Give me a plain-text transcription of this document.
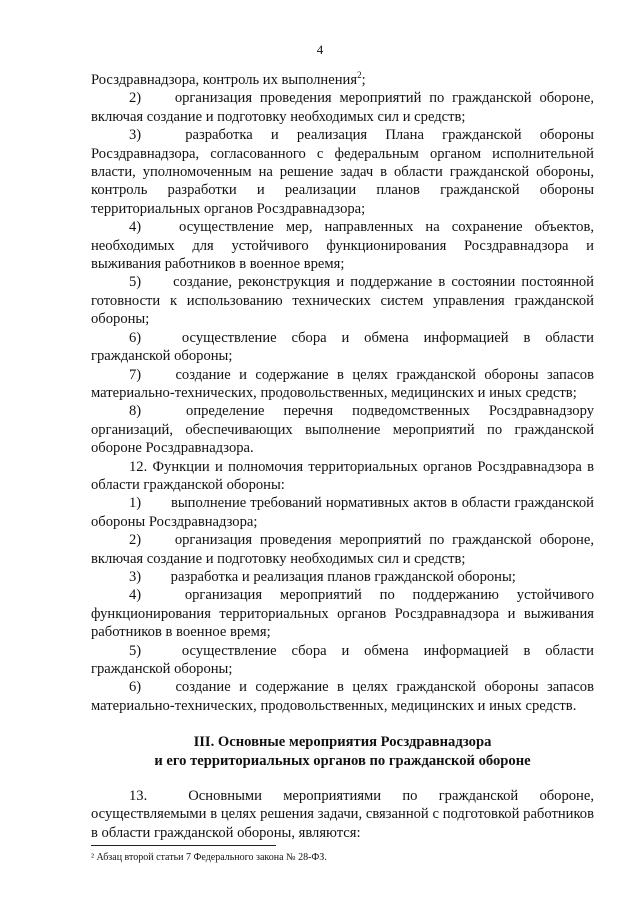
4

Росздравнадзора, контроль их выполнения$^2$;

2) организация проведения мероприятий по гражданской обороне, включая создание и подготовку необходимых сил и средств;

3)	разработка и реализация Плана гражданской обороны Росздравнадзора, согласованного с федеральным органом исполнительной власти, уполномоченным на решение задач в области гражданской обороны, контроль разработки и реализации планов гражданской обороны территориальных органов Росздравнадзора;

4)	осуществление мер, направленных на сохранение объектов, необходимых для устойчивого функционирования Росздравнадзора и выживания работников в военное время;

5) создание, реконструкция и поддержание в состоянии постоянной готовности к использованию технических систем управления гражданской обороны;

6)	осуществление сбора и обмена информацией в области гражданской обороны;

7) создание и содержание в целях гражданской обороны запасов материально-технических, продовольственных, медицинских и иных средств;

8)	определение перечня подведомственных Росздравнадзору организаций, обеспечивающих выполнение мероприятий по гражданской обороне Росздравнадзора.

12. Функции и полномочия территориальных органов Росздравнадзора в области гражданской обороны:

1) выполнение требований нормативных актов в области гражданской обороны Росздравнадзора;

2) организация проведения мероприятий по гражданской обороне, включая создание и подготовку необходимых сил и средств;

3) разработка и реализация планов гражданской обороны;

4)	организация мероприятий по поддержанию устойчивого функционирования территориальных органов Росздравнадзора и выживания работников в военное время;

5)	осуществление сбора и обмена информацией в области гражданской обороны;

6) создание и содержание в целях гражданской обороны запасов материально-технических, продовольственных, медицинских и иных средств.

III. Основные мероприятия Росздравнадзора
и его территориальных органов по гражданской обороне

13.	Основными мероприятиями по гражданской обороне, осуществляемыми в целях решения задачи, связанной с подготовкой работников в области гражданской обороны, являются:

² Абзац второй статьи 7 Федерального закона № 28-ФЗ.
